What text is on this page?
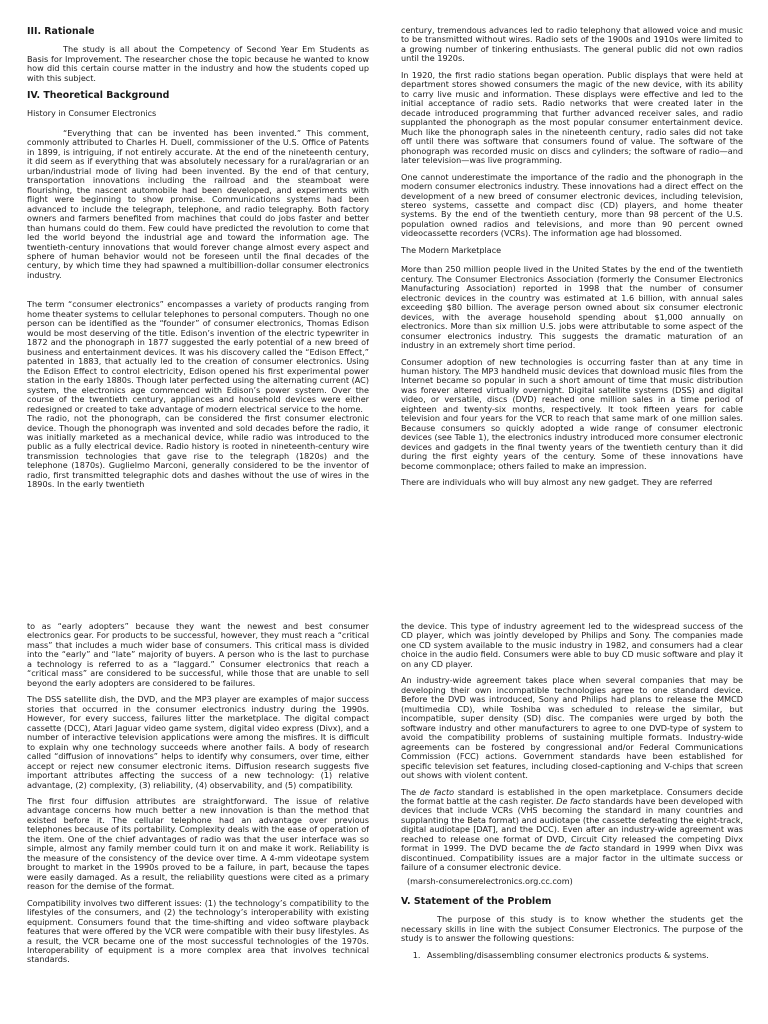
III. Rationale

The study is all about the Competency of Second Year Em Students as Basis for Improvement. The researcher chose the topic because he wanted to know how did this certain course matter in the industry and how the students coped up with this subject.

IV. Theoretical Background

History in Consumer Electronics

“Everything that can be invented has been invented.” This comment, commonly attributed to Charles H. Duell, commissioner of the U.S. Office of Patents in 1899, is intriguing, if not entirely accurate. At the end of the nineteenth century, it did seem as if everything that was absolutely necessary for a rural/agrarian or an urban/industrial mode of living had been invented. By the end of that century, transportation innovations including the railroad and the steamboat were flourishing, the nascent automobile had been developed, and experiments with flight were beginning to show promise. Communications systems had been advanced to include the telegraph, telephone, and radio telegraphy. Both factory owners and farmers benefited from machines that could do jobs faster and better than humans could do them. Few could have predicted the revolution to come that led the world beyond the industrial age and toward the information age. The twentieth-century innovations that would forever change almost every aspect and sphere of human behavior would not be foreseen until the final decades of the century, by which time they had spawned a multibillion-dollar consumer electronics industry.

The term “consumer electronics” encompasses a variety of products ranging from home theater systems to cellular telephones to personal computers. Though no one person can be identified as the “founder” of consumer electronics, Thomas Edison would be most deserving of the title. Edison’s invention of the electric typewriter in 1872 and the phonograph in 1877 suggested the early potential of a new breed of business and entertainment devices. It was his discovery called the “Edison Effect,” patented in 1883, that actually led to the creation of consumer electronics. Using the Edison Effect to control electricity, Edison opened his first experimental power station in the early 1880s. Though later perfected using the alternating current (AC) system, the electronics age commenced with Edison’s power system. Over the course of the twentieth century, appliances and household devices were either redesigned or created to take advantage of modern electrical service to the home.

The radio, not the phonograph, can be considered the first consumer electronic device. Though the phonograph was invented and sold decades before the radio, it was initially marketed as a mechanical device, while radio was introduced to the public as a fully electrical device. Radio history is rooted in nineteenth-century wire transmission technologies that gave rise to the telegraph (1820s) and the telephone (1870s). Guglielmo Marconi, generally considered to be the inventor of radio, first transmitted telegraphic dots and dashes without the use of wires in the 1890s. In the early twentieth

century, tremendous advances led to radio telephony that allowed voice and music to be transmitted without wires. Radio sets of the 1900s and 1910s were limited to a growing number of tinkering enthusiasts. The general public did not own radios until the 1920s.

In 1920, the first radio stations began operation. Public displays that were held at department stores showed consumers the magic of the new device, with its ability to carry live music and information. These displays were effective and led to the initial acceptance of radio sets. Radio networks that were created later in the decade introduced programming that further advanced receiver sales, and radio supplanted the phonograph as the most popular consumer entertainment device. Much like the phonograph sales in the nineteenth century, radio sales did not take off until there was software that consumers found of value. The software of the phonograph was recorded music on discs and cylinders; the software of radio—and later television—was live programming.

One cannot underestimate the importance of the radio and the phonograph in the modern consumer electronics industry. These innovations had a direct effect on the development of a new breed of consumer electronic devices, including television, stereo systems, cassette and compact disc (CD) players, and home theater systems. By the end of the twentieth century, more than 98 percent of the U.S. population owned radios and televisions, and more than 90 percent owned videocassette recorders (VCRs). The information age had blossomed.

The Modern Marketplace

More than 250 million people lived in the United States by the end of the twentieth century. The Consumer Electronics Association (formerly the Consumer Electronics Manufacturing Association) reported in 1998 that the number of consumer electronic devices in the country was estimated at 1.6 billion, with annual sales exceeding $80 billion. The average person owned about six consumer electronic devices, with the average household spending about $1,000 annually on electronics. More than six million U.S. jobs were attributable to some aspect of the consumer electronics industry. This suggests the dramatic maturation of an industry in an extremely short time period.

Consumer adoption of new technologies is occurring faster than at any time in human history. The MP3 handheld music devices that download music files from the Internet became so popular in such a short amount of time that music distribution was forever altered virtually overnight. Digital satellite systems (DSS) and digital video, or versatile, discs (DVD) reached one million sales in a time period of eighteen and twenty-six months, respectively. It took fifteen years for cable television and four years for the VCR to reach that same mark of one million sales. Because consumers so quickly adopted a wide range of consumer electronic devices (see Table 1), the electronics industry introduced more consumer electronic devices and gadgets in the final twenty years of the twentieth century than it did during the first eighty years of the century. Some of these innovations have become commonplace; others failed to make an impression.

There are individuals who will buy almost any new gadget. They are referred

to as “early adopters” because they want the newest and best consumer electronics gear. For products to be successful, however, they must reach a “critical mass” that includes a much wider base of consumers. This critical mass is divided into the “early” and “late” majority of buyers. A person who is the last to purchase a technology is referred to as a “laggard.” Consumer electronics that reach a “critical mass” are considered to be successful, while those that are unable to sell beyond the early adopters are considered to be failures.

The DSS satellite dish, the DVD, and the MP3 player are examples of major success stories that occurred in the consumer electronics industry during the 1990s. However, for every success, failures litter the marketplace. The digital compact cassette (DCC), Atari Jaguar video game system, digital video express (Divx), and a number of interactive television applications were among the misfires. It is difficult to explain why one technology succeeds where another fails. A body of research called “diffusion of innovations” helps to identify why consumers, over time, either accept or reject new consumer electronic items. Diffusion research suggests five important attributes affecting the success of a new technology: (1) relative advantage, (2) complexity, (3) reliability, (4) observability, and (5) compatibility.

The first four diffusion attributes are straightforward. The issue of relative advantage concerns how much better a new innovation is than the method that existed before it. The cellular telephone had an advantage over previous telephones because of its portability. Complexity deals with the ease of operation of the item. One of the chief advantages of radio was that the user interface was so simple, almost any family member could turn it on and make it work. Reliability is the measure of the consistency of the device over time. A 4-mm videotape system brought to market in the 1990s proved to be a failure, in part, because the tapes were easily damaged. As a result, the reliability questions were cited as a primary reason for the demise of the format.

Compatibility involves two different issues: (1) the technology’s compatibility to the lifestyles of the consumers, and (2) the technology’s interoperability with existing equipment. Consumers found that the time-shifting and video software playback features that were offered by the VCR were compatible with their busy lifestyles. As a result, the VCR became one of the most successful technologies of the 1970s. Interoperability of equipment is a more complex area that involves technical standards.

the device. This type of industry agreement led to the widespread success of the CD player, which was jointly developed by Philips and Sony. The companies made one CD system available to the music industry in 1982, and consumers had a clear choice in the audio field. Consumers were able to buy CD music software and play it on any CD player.

An industry-wide agreement takes place when several companies that may be developing their own incompatible technologies agree to one standard device. Before the DVD was introduced, Sony and Philips had plans to release the MMCD (multimedia CD), while Toshiba was scheduled to release the similar, but incompatible, super density (SD) disc. The companies were urged by both the software industry and other manufacturers to agree to one DVD-type of system to avoid the compatibility problems of sustaining multiple formats. Industry-wide agreements can be fostered by congressional and/or Federal Communications Commission (FCC) actions. Government standards have been established for specific television set features, including closed-captioning and V-chips that screen out shows with violent content.

The de facto standard is established in the open marketplace. Consumers decide the format battle at the cash register. De facto standards have been developed with devices that include VCRs (VHS becoming the standard in many countries and supplanting the Beta format) and audiotape (the cassette defeating the eight-track, digital audiotape [DAT], and the DCC). Even after an industry-wide agreement was reached to release one format of DVD, Circuit City released the competing Divx format in 1999. The DVD became the de facto standard in 1999 when Divx was discontinued. Compatibility issues are a major factor in the ultimate success or failure of a consumer electronic device.

(marsh-consumerelectronics.org.cc.com)

V. Statement of the Problem

The purpose of this study is to know whether the students get the necessary skills in line with the subject Consumer Electronics. The purpose of the study is to answer the following questions:

1. Assembling/disassembling consumer electronics products & systems.
